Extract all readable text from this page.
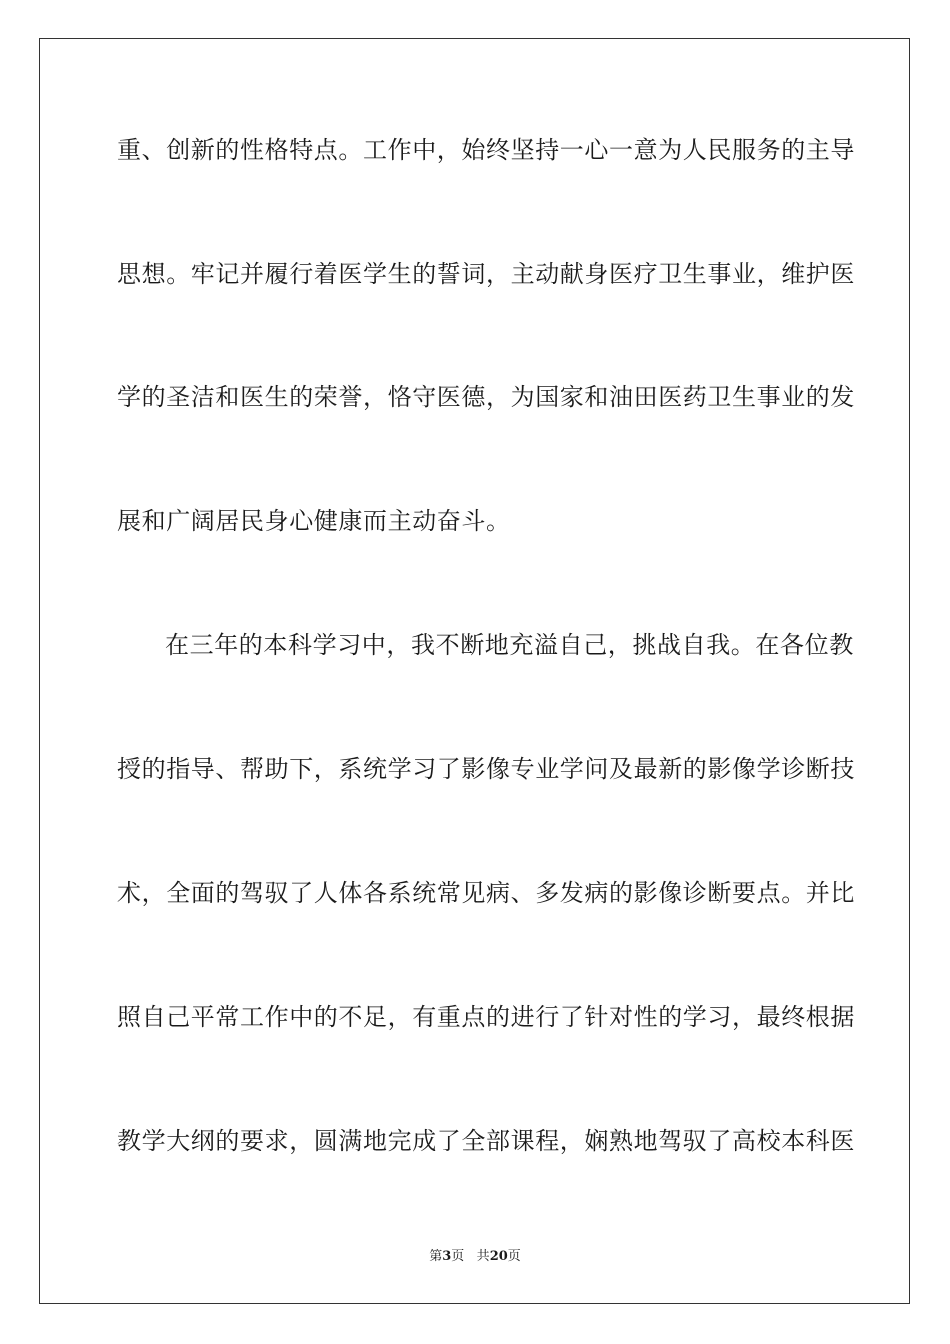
重、创新的性格特点。工作中，始终坚持一心一意为人民服务的主导
思想。牢记并履行着医学生的誓词，主动献身医疗卫生事业，维护医
学的圣洁和医生的荣誉，恪守医德，为国家和油田医药卫生事业的发
展和广阔居民身心健康而主动奋斗。
在三年的本科学习中，我不断地充溢自己，挑战自我。在各位教
授的指导、帮助下，系统学习了影像专业学问及最新的影像学诊断技
术，全面的驾驭了人体各系统常见病、多发病的影像诊断要点。并比
照自己平常工作中的不足，有重点的进行了针对性的学习，最终根据
教学大纲的要求，圆满地完成了全部课程，娴熟地驾驭了高校本科医
第3页 共20页
